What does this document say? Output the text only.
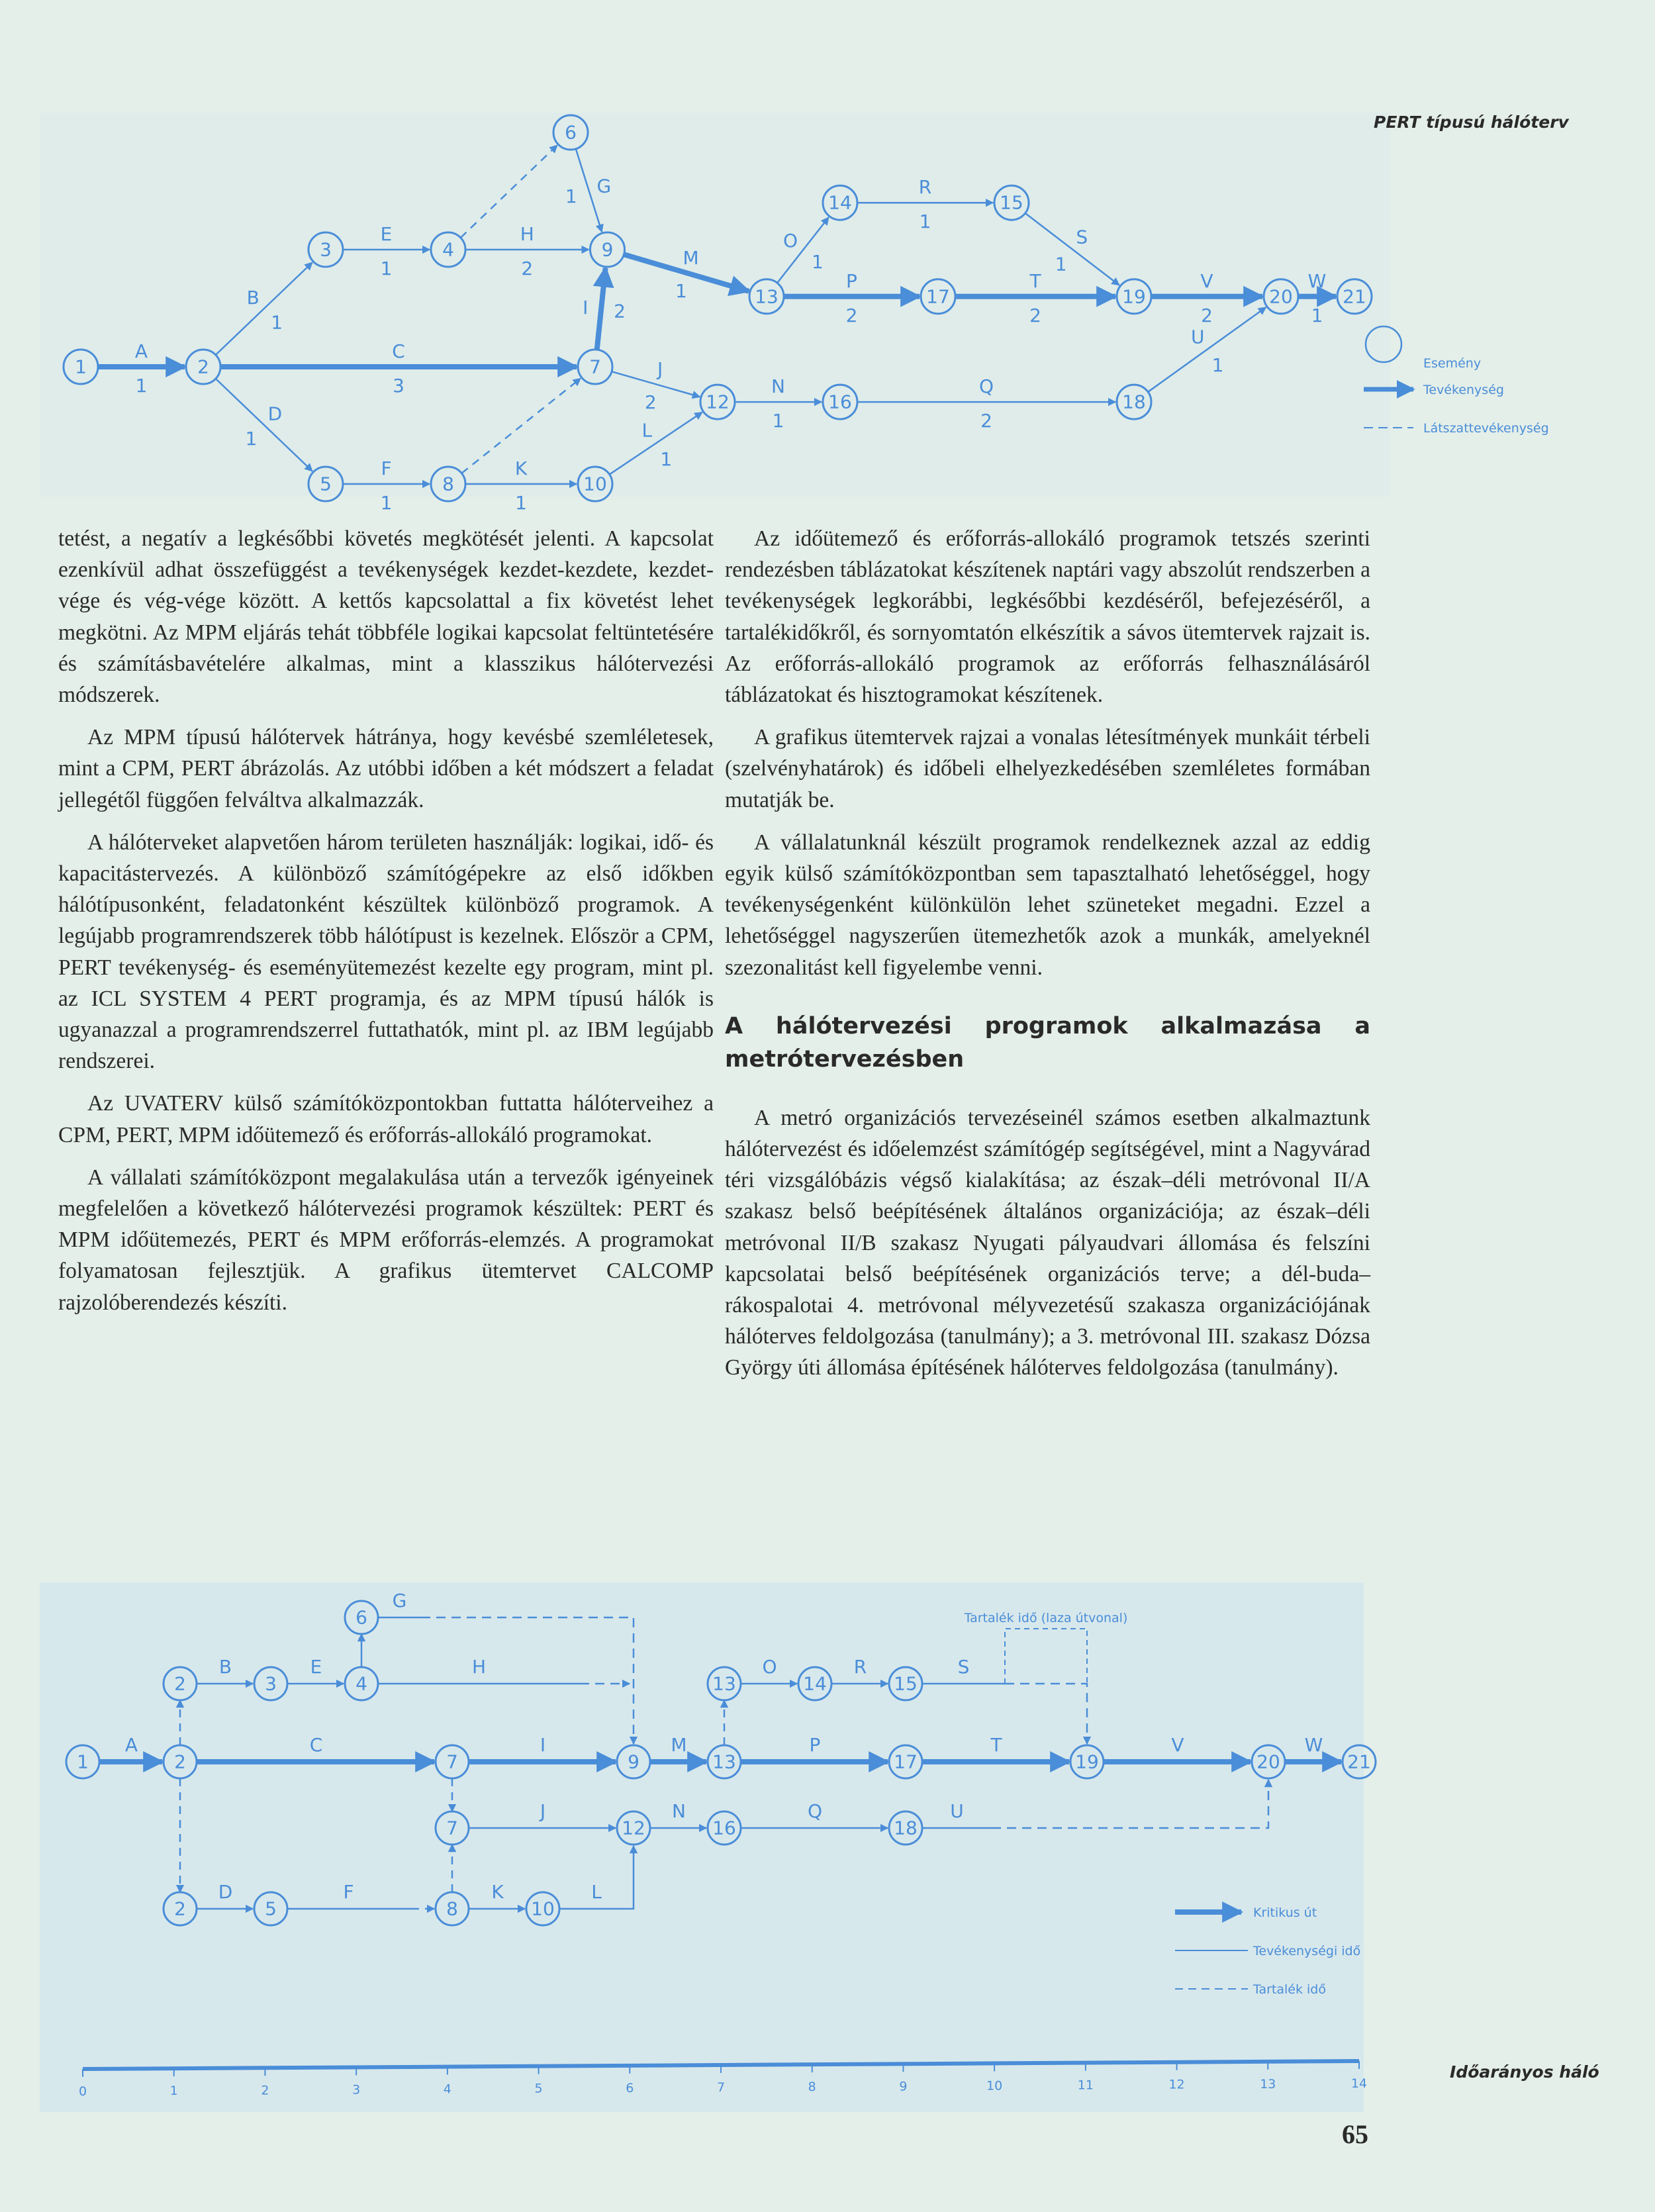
A
1
B
1
C
3
D
1
E
1
F
1
G
1
H
2
I 2
J
2
K
1
L
1
M
1
N
1
O
1
P
2
Q
2
R
1
S
1
T
2
U
1
V
2
W
1
1	2
3	4
5
6
7
8
9
10
12
13
14	15
16
17
18
19	20	21
Esemény
Tevékenység
Látszattevékenység
PERT típusú hálóterv

tetést, a negatív a legkésőbbi követés megkötését jelenti. A kapcsolat ezenkívül adhat összefüggést a tevékenységek kezdet-kezdete, kezdet-vége és vég-vége között. A kettős kapcsolattal a fix követést lehet megkötni. Az MPM eljárás tehát többféle logikai kapcsolat feltüntetésére és számításbavételére alkalmas, mint a klasszikus hálótervezési módszerek.

Az MPM típusú hálótervek hátránya, hogy kevésbé szemléletesek, mint a CPM, PERT ábrázolás. Az utóbbi időben a két módszert a feladat jellegétől függően felváltva alkalmazzák.

A hálóterveket alapvetően három területen használják: logikai, idő- és kapacitástervezés. A különböző számítógépekre az első időkben hálótípusonként, feladatonként készültek különböző programok. A legújabb programrendszerek több hálótípust is kezelnek. Először a CPM, PERT tevékenység- és eseményütemezést kezelte egy program, mint pl. az ICL SYSTEM 4 PERT programja, és az MPM típusú hálók is ugyanazzal a programrendszerrel futtathatók, mint pl. az IBM legújabb rendszerei.

Az UVATERV külső számítóközpontokban futtatta hálóterveihez a CPM, PERT, MPM időütemező és erőforrás-allokáló programokat.

A vállalati számítóközpont megalakulása után a tervezők igényeinek megfelelően a következő hálótervezési programok készültek: PERT és MPM időütemezés, PERT és MPM erőforrás-elemzés. A programokat folyamatosan fejlesztjük. A grafikus ütemtervet CALCOMP rajzolóberendezés készíti.

Az időütemező és erőforrás-allokáló programok tetszés szerinti rendezésben táblázatokat készítenek naptári vagy abszolút rendszerben a tevékenységek legkorábbi, legkésőbbi kezdéséről, befejezéséről, a tartalékidőkről, és sornyomtatón elkészítik a sávos ütemtervek rajzait is. Az erőforrás-allokáló programok az erőforrás felhasználásáról táblázatokat és hisztogramokat készítenek.

A grafikus ütemtervek rajzai a vonalas létesítmények munkáit térbeli (szelvényhatárok) és időbeli elhelyezkedésében szemléletes formában mutatják be.

A vállalatunknál készült programok rendelkeznek azzal az eddig egyik külső számítóközpontban sem tapasztalható lehetőséggel, hogy tevékenységenként különkülön lehet szüneteket megadni. Ezzel a lehetőséggel nagyszerűen ütemezhetők azok a munkák, amelyeknél szezonalitást kell figyelembe venni.

A hálótervezési programok alkalmazása a metrótervezésben

A metró organizációs tervezéseinél számos esetben alkalmaztunk hálótervezést és időelemzést számítógép segítségével, mint a Nagyvárad téri vizsgálóbázis végső kialakítása; az észak–déli metróvonal II/A szakasz belső beépítésének általános organizációja; az észak–déli metróvonal II/B szakasz Nyugati pályaudvari állomása és felszíni kapcsolatai belső beépítésének organizációs terve; a dél-buda–rákospalotai 4. metróvonal mélyvezetésű szakasza organizációjának hálóterves feldolgozása (tanulmány); a 3. metróvonal III. szakasz Dózsa György úti állomása építésének hálóterves feldolgozása (tanulmány).

A	C	I	M	P	T	V	W
B	E
D	K
J	N
O	R
Q
G
H
F	L
S
U
1
2
2
2
3	4
6
5
7
7
8	10
9
12
13
13
14	15
16
17
18
19	20	21
0	1	2	3	4	5	6	7	8	9	10	11	12	13	14
Kritikus út
Tevékenységi idő
Tartalék idő
Tartalék idő (laza útvonal)
Időarányos háló
65
